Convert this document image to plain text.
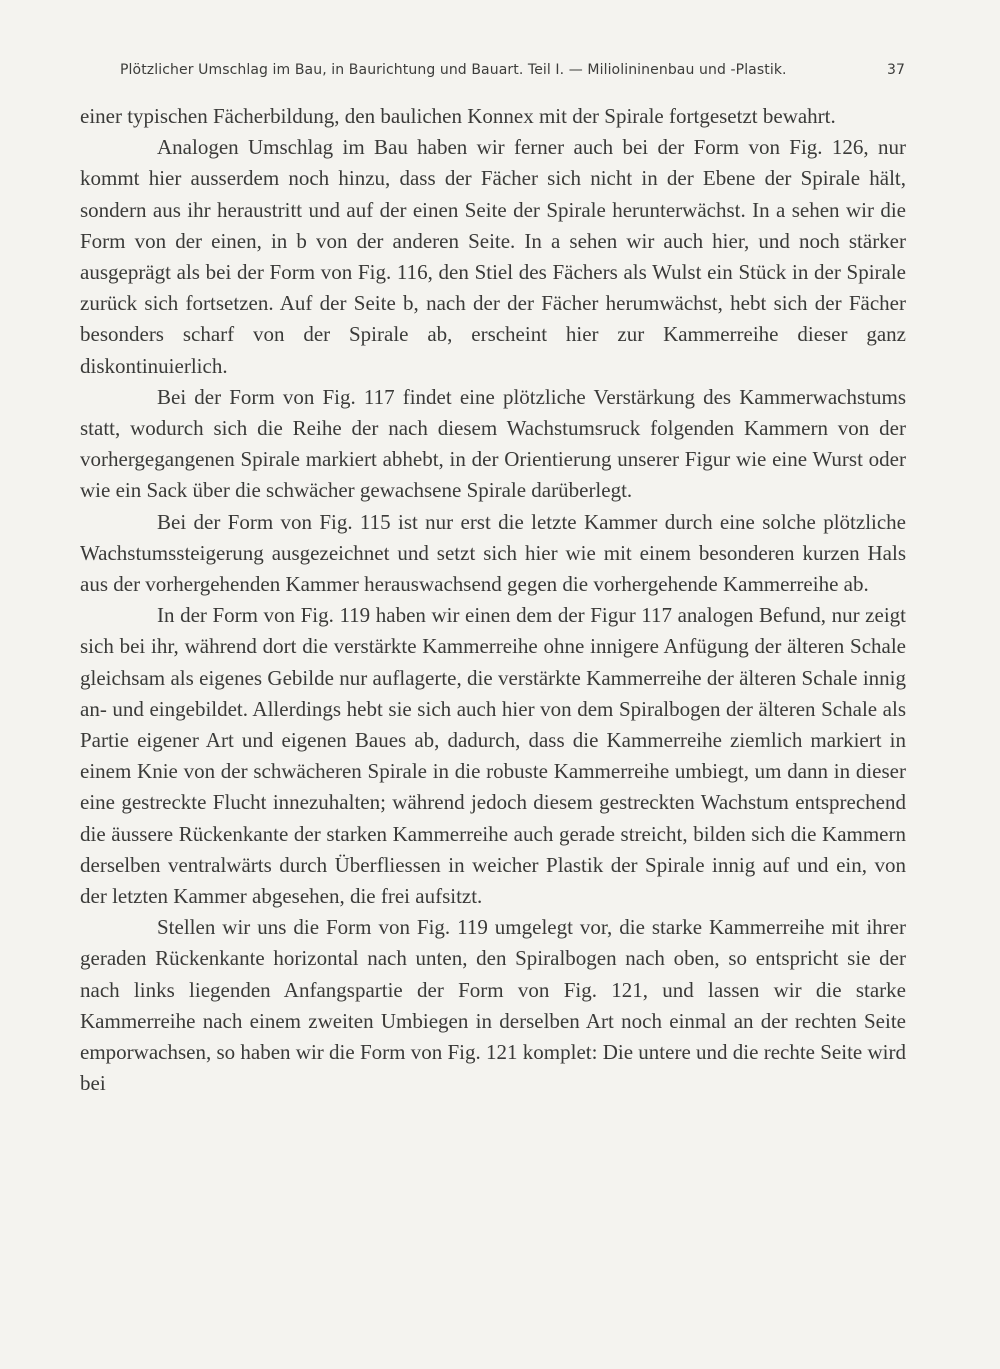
Plötzlicher Umschlag im Bau, in Baurichtung und Bauart. Teil I. — Miliolininenbau und -Plastik.	37

einer typischen Fächerbildung, den baulichen Konnex mit der Spirale fortgesetzt bewahrt.

Analogen Umschlag im Bau haben wir ferner auch bei der Form von Fig. 126, nur kommt hier ausserdem noch hinzu, dass der Fächer sich nicht in der Ebene der Spirale hält, sondern aus ihr heraustritt und auf der einen Seite der Spirale herunterwächst. In a sehen wir die Form von der einen, in b von der anderen Seite. In a sehen wir auch hier, und noch stärker ausgeprägt als bei der Form von Fig. 116, den Stiel des Fächers als Wulst ein Stück in der Spirale zurück sich fortsetzen. Auf der Seite b, nach der der Fächer herumwächst, hebt sich der Fächer besonders scharf von der Spirale ab, erscheint hier zur Kammerreihe dieser ganz diskontinuierlich.

Bei der Form von Fig. 117 findet eine plötzliche Verstärkung des Kammerwachstums statt, wodurch sich die Reihe der nach diesem Wachstumsruck folgenden Kammern von der vorhergegangenen Spirale markiert abhebt, in der Orientierung unserer Figur wie eine Wurst oder wie ein Sack über die schwächer gewachsene Spirale darüberlegt.

Bei der Form von Fig. 115 ist nur erst die letzte Kammer durch eine solche plötzliche Wachstumssteigerung ausgezeichnet und setzt sich hier wie mit einem besonderen kurzen Hals aus der vorhergehenden Kammer herauswachsend gegen die vorhergehende Kammerreihe ab.

In der Form von Fig. 119 haben wir einen dem der Figur 117 analogen Befund, nur zeigt sich bei ihr, während dort die verstärkte Kammerreihe ohne innigere Anfügung der älteren Schale gleichsam als eigenes Gebilde nur auflagerte, die verstärkte Kammerreihe der älteren Schale innig an- und eingebildet. Allerdings hebt sie sich auch hier von dem Spiralbogen der älteren Schale als Partie eigener Art und eigenen Baues ab, dadurch, dass die Kammerreihe ziemlich markiert in einem Knie von der schwächeren Spirale in die robuste Kammerreihe umbiegt, um dann in dieser eine gestreckte Flucht innezuhalten; während jedoch diesem gestreckten Wachstum entsprechend die äussere Rückenkante der starken Kammerreihe auch gerade streicht, bilden sich die Kammern derselben ventralwärts durch Überfliessen in weicher Plastik der Spirale innig auf und ein, von der letzten Kammer abgesehen, die frei aufsitzt.

Stellen wir uns die Form von Fig. 119 umgelegt vor, die starke Kammerreihe mit ihrer geraden Rückenkante horizontal nach unten, den Spiralbogen nach oben, so entspricht sie der nach links liegenden Anfangspartie der Form von Fig. 121, und lassen wir die starke Kammerreihe nach einem zweiten Umbiegen in derselben Art noch einmal an der rechten Seite emporwachsen, so haben wir die Form von Fig. 121 komplet: Die untere und die rechte Seite wird bei
